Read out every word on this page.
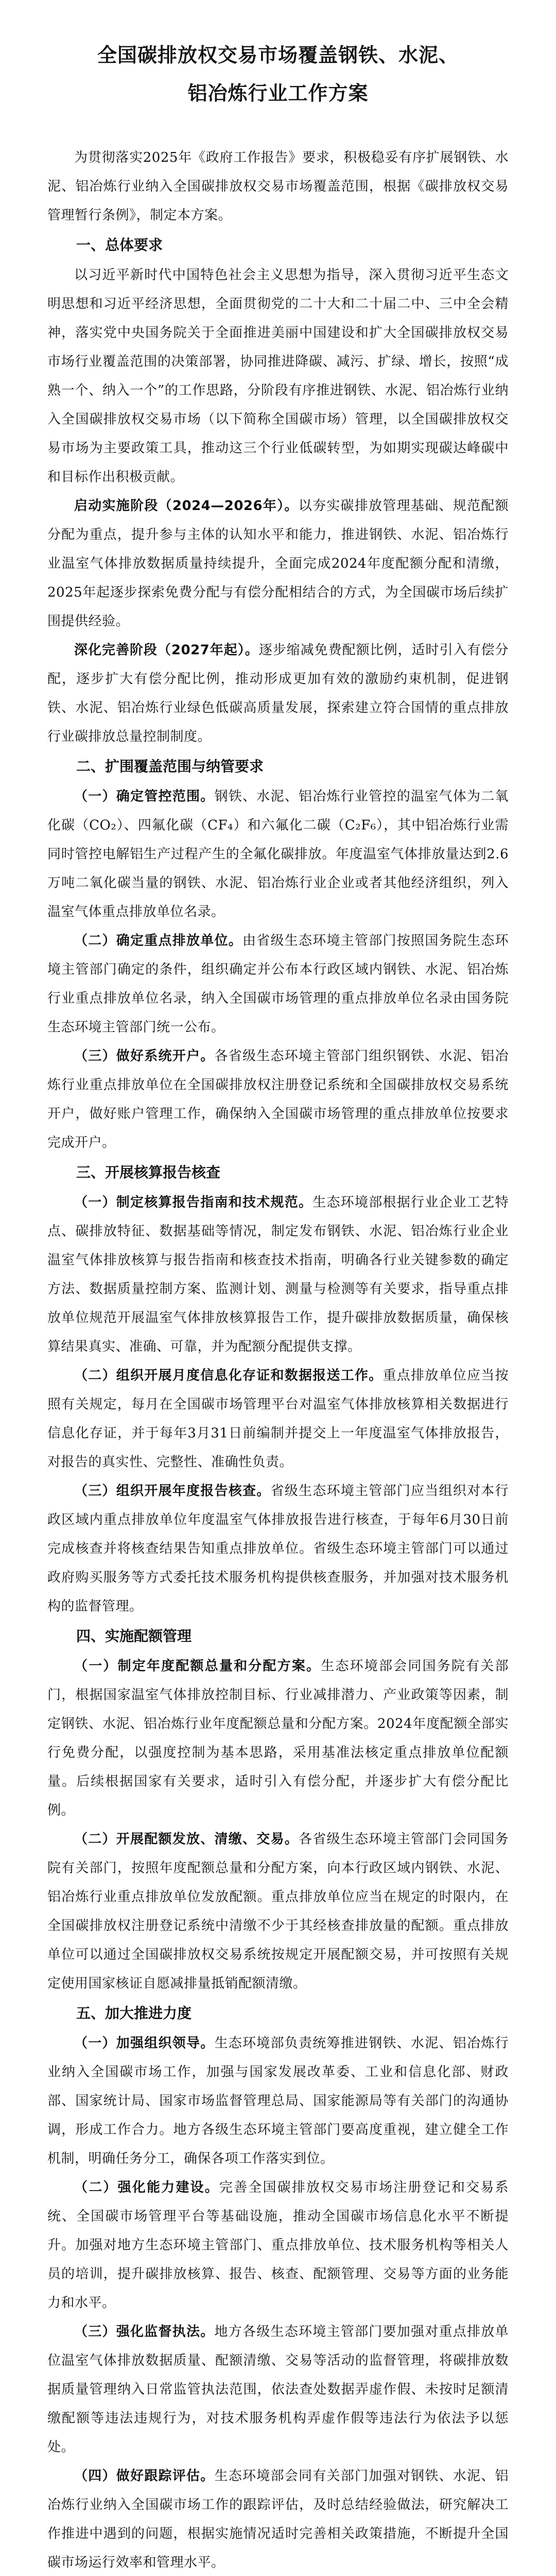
全国碳排放权交易市场覆盖钢铁、水泥、
铝冶炼行业工作方案

为贯彻落实2025年《政府工作报告》要求，积极稳妥有序扩展钢铁、水泥、铝冶炼行业纳入全国碳排放权交易市场覆盖范围，根据《碳排放权交易管理暂行条例》，制定本方案。

一、总体要求

以习近平新时代中国特色社会主义思想为指导，深入贯彻习近平生态文明思想和习近平经济思想，全面贯彻党的二十大和二十届二中、三中全会精神，落实党中央国务院关于全面推进美丽中国建设和扩大全国碳排放权交易市场行业覆盖范围的决策部署，协同推进降碳、减污、扩绿、增长，按照“成熟一个、纳入一个”的工作思路，分阶段有序推进钢铁、水泥、铝冶炼行业纳入全国碳排放权交易市场（以下简称全国碳市场）管理，以全国碳排放权交易市场为主要政策工具，推动这三个行业低碳转型，为如期实现碳达峰碳中和目标作出积极贡献。

启动实施阶段（2024—2026年）。以夯实碳排放管理基础、规范配额分配为重点，提升参与主体的认知水平和能力，推进钢铁、水泥、铝冶炼行业温室气体排放数据质量持续提升，全面完成2024年度配额分配和清缴，2025年起逐步探索免费分配与有偿分配相结合的方式，为全国碳市场后续扩围提供经验。

深化完善阶段（2027年起）。逐步缩减免费配额比例，适时引入有偿分配，逐步扩大有偿分配比例，推动形成更加有效的激励约束机制，促进钢铁、水泥、铝冶炼行业绿色低碳高质量发展，探索建立符合国情的重点排放行业碳排放总量控制制度。

二、扩围覆盖范围与纳管要求

（一）确定管控范围。钢铁、水泥、铝冶炼行业管控的温室气体为二氧化碳（CO₂）、四氟化碳（CF₄）和六氟化二碳（C₂F₆），其中铝冶炼行业需同时管控电解铝生产过程产生的全氟化碳排放。年度温室气体排放量达到2.6万吨二氧化碳当量的钢铁、水泥、铝冶炼行业企业或者其他经济组织，列入温室气体重点排放单位名录。

（二）确定重点排放单位。由省级生态环境主管部门按照国务院生态环境主管部门确定的条件，组织确定并公布本行政区域内钢铁、水泥、铝冶炼行业重点排放单位名录，纳入全国碳市场管理的重点排放单位名录由国务院生态环境主管部门统一公布。

（三）做好系统开户。各省级生态环境主管部门组织钢铁、水泥、铝冶炼行业重点排放单位在全国碳排放权注册登记系统和全国碳排放权交易系统开户，做好账户管理工作，确保纳入全国碳市场管理的重点排放单位按要求完成开户。

三、开展核算报告核查

（一）制定核算报告指南和技术规范。生态环境部根据行业企业工艺特点、碳排放特征、数据基础等情况，制定发布钢铁、水泥、铝冶炼行业企业温室气体排放核算与报告指南和核查技术指南，明确各行业关键参数的确定方法、数据质量控制方案、监测计划、测量与检测等有关要求，指导重点排放单位规范开展温室气体排放核算报告工作，提升碳排放数据质量，确保核算结果真实、准确、可靠，并为配额分配提供支撑。

（二）组织开展月度信息化存证和数据报送工作。重点排放单位应当按照有关规定，每月在全国碳市场管理平台对温室气体排放核算相关数据进行信息化存证，并于每年3月31日前编制并提交上一年度温室气体排放报告，对报告的真实性、完整性、准确性负责。

（三）组织开展年度报告核查。省级生态环境主管部门应当组织对本行政区域内重点排放单位年度温室气体排放报告进行核查，于每年6月30日前完成核查并将核查结果告知重点排放单位。省级生态环境主管部门可以通过政府购买服务等方式委托技术服务机构提供核查服务，并加强对技术服务机构的监督管理。

四、实施配额管理

（一）制定年度配额总量和分配方案。生态环境部会同国务院有关部门，根据国家温室气体排放控制目标、行业减排潜力、产业政策等因素，制定钢铁、水泥、铝冶炼行业年度配额总量和分配方案。2024年度配额全部实行免费分配，以强度控制为基本思路，采用基准法核定重点排放单位配额量。后续根据国家有关要求，适时引入有偿分配，并逐步扩大有偿分配比例。

（二）开展配额发放、清缴、交易。各省级生态环境主管部门会同国务院有关部门，按照年度配额总量和分配方案，向本行政区域内钢铁、水泥、铝冶炼行业重点排放单位发放配额。重点排放单位应当在规定的时限内，在全国碳排放权注册登记系统中清缴不少于其经核查排放量的配额。重点排放单位可以通过全国碳排放权交易系统按规定开展配额交易，并可按照有关规定使用国家核证自愿减排量抵销配额清缴。

五、加大推进力度

（一）加强组织领导。生态环境部负责统筹推进钢铁、水泥、铝冶炼行业纳入全国碳市场工作，加强与国家发展改革委、工业和信息化部、财政部、国家统计局、国家市场监督管理总局、国家能源局等有关部门的沟通协调，形成工作合力。地方各级生态环境主管部门要高度重视，建立健全工作机制，明确任务分工，确保各项工作落实到位。

（二）强化能力建设。完善全国碳排放权交易市场注册登记和交易系统、全国碳市场管理平台等基础设施，推动全国碳市场信息化水平不断提升。加强对地方生态环境主管部门、重点排放单位、技术服务机构等相关人员的培训，提升碳排放核算、报告、核查、配额管理、交易等方面的业务能力和水平。

（三）强化监督执法。地方各级生态环境主管部门要加强对重点排放单位温室气体排放数据质量、配额清缴、交易等活动的监督管理，将碳排放数据质量管理纳入日常监管执法范围，依法查处数据弄虚作假、未按时足额清缴配额等违法违规行为，对技术服务机构弄虚作假等违法行为依法予以惩处。

（四）做好跟踪评估。生态环境部会同有关部门加强对钢铁、水泥、铝冶炼行业纳入全国碳市场工作的跟踪评估，及时总结经验做法，研究解决工作推进中遇到的问题，根据实施情况适时完善相关政策措施，不断提升全国碳市场运行效率和管理水平。
